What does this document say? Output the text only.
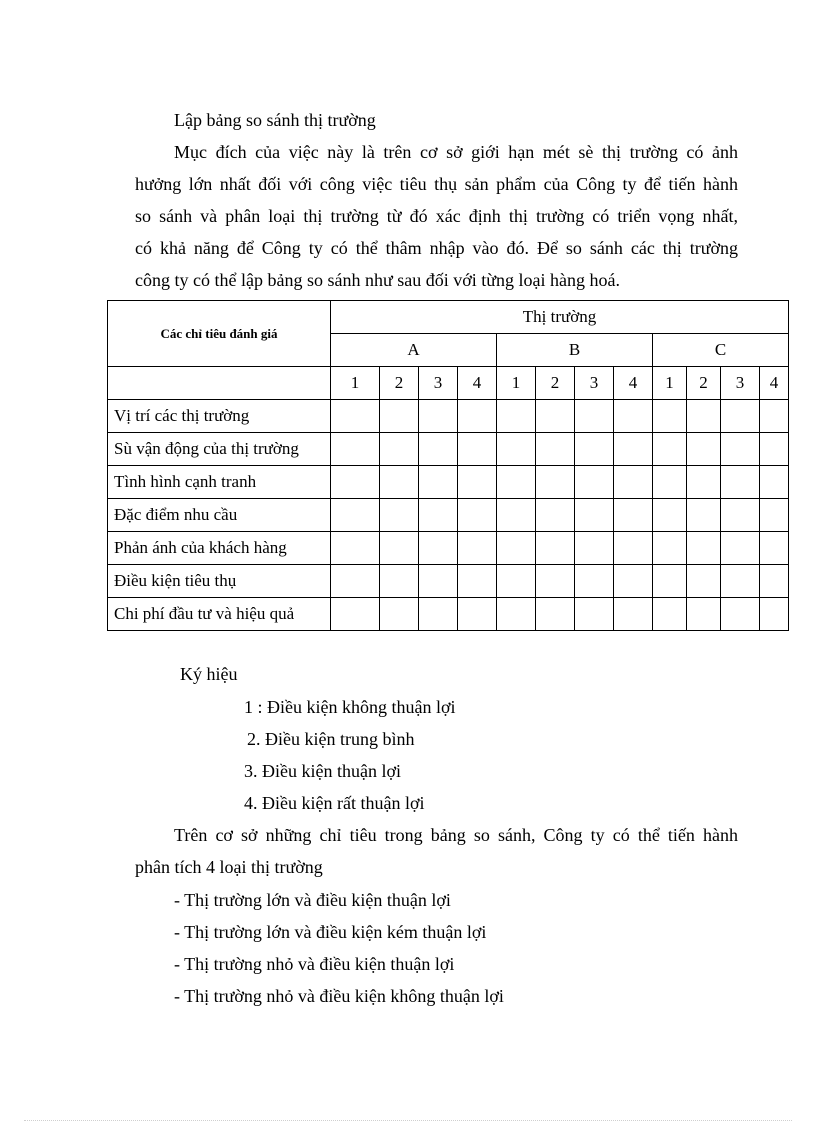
Lập bảng so sánh thị trường
Mục đích của việc này là trên cơ sở giới hạn mét sè thị trường có ảnh
hưởng lớn nhất đối với công việc tiêu thụ sản phẩm của Công ty để tiến hành
so sánh và phân loại thị trường từ đó xác định thị trường có triển vọng nhất,
có khả năng để Công ty có thể thâm nhập vào đó. Để so sánh các thị trường
công ty có thể lập bảng so sánh như sau đối với từng loại hàng hoá.
Các chỉ tiêu đánh giá	Thị trường											
	A				B				C			
	1	2	3	4	1	2	3	4	1	2	3	4
Vị trí các thị trường												
Sù vận động của thị trường												
Tình hình cạnh tranh												
Đặc điểm nhu cầu												
Phản ánh của khách hàng												
Điều kiện tiêu thụ												
Chi phí đầu tư và hiệu quả												
Ký hiệu
1 : Điều kiện không thuận lợi
2. Điều kiện trung bình
3. Điều kiện thuận lợi
4. Điều kiện rất thuận lợi
Trên cơ sở những chỉ tiêu trong bảng so sánh, Công ty có thể tiến hành
phân tích 4 loại thị trường
- Thị trường lớn và điều kiện thuận lợi
- Thị trường lớn và điều kiện kém thuận lợi
- Thị trường nhỏ và điều kiện thuận lợi
- Thị trường nhỏ và điều kiện không thuận lợi
